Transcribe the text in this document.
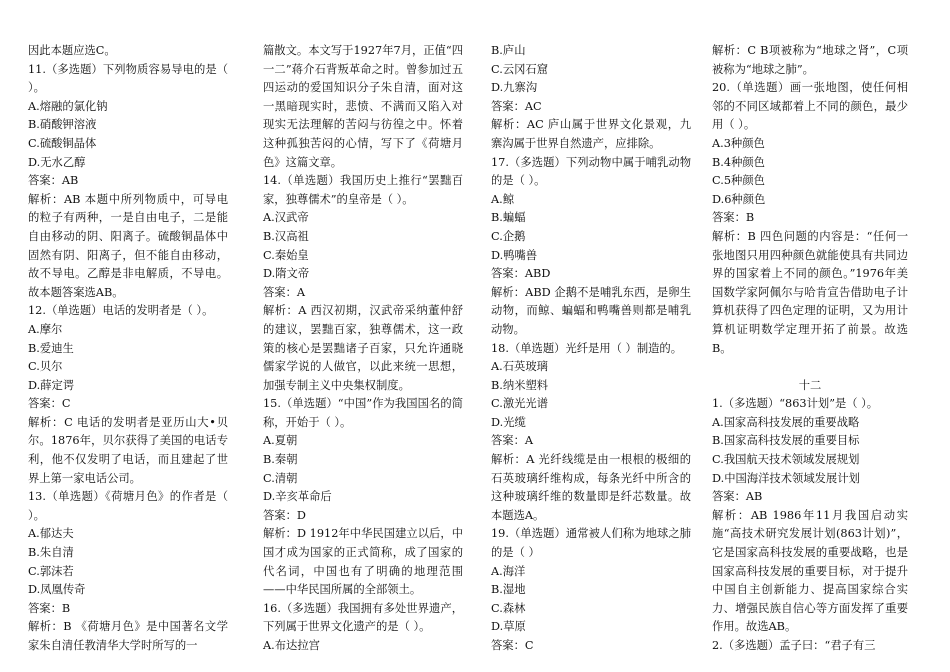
因此本题应选C。

11.（多选题）下列物质容易导电的是（ ）。

A.熔融的氯化钠

B.硝酸钾溶液

C.硫酸铜晶体

D.无水乙醇

答案：AB

解析：AB 本题中所列物质中，可导电的粒子有两种，一是自由电子，二是能自由移动的阴、阳离子。硫酸铜晶体中固然有阴、阳离子，但不能自由移动，故不导电。乙醇是非电解质，不导电。故本题答案选AB。

12.（单选题）电话的发明者是（ ）。

A.摩尔

B.爱迪生

C.贝尔

D.薛定谔

答案：C

解析：C 电话的发明者是亚历山大•贝尔。1876年，贝尔获得了美国的电话专利，他不仅发明了电话，而且建起了世界上第一家电话公司。

13.（单选题）《荷塘月色》的作者是（ ）。

A.郁达夫

B.朱自清

C.郭沫若

D.凤凰传奇

答案：B

解析：B 《荷塘月色》是中国著名文学家朱自清任教清华大学时所写的一

篇散文。本文写于1927年7月，正值“四一二”蒋介石背叛革命之时。曾参加过五四运动的爱国知识分子朱自清，面对这一黑暗现实时，悲愤、不满而又陷入对现实无法理解的苦闷与彷徨之中。怀着这种孤独苦闷的心情，写下了《荷塘月色》这篇文章。

14.（单选题）我国历史上推行“罢黜百家，独尊儒术”的皇帝是（ ）。

A.汉武帝

B.汉高祖

C.秦始皇

D.隋文帝

答案：A

解析：A 西汉初期，汉武帝采纳董仲舒的建议，罢黜百家，独尊儒术，这一政策的核心是罢黜诸子百家，只允许通晓儒家学说的人做官，以此来统一思想，加强专制主义中央集权制度。

15.（单选题）“中国”作为我国国名的简称，开始于（ ）。

A.夏朝

B.秦朝

C.清朝

D.辛亥革命后

答案：D

解析：D 1912年中华民国建立以后，中国才成为国家的正式简称，成了国家的代名词，中国也有了明确的地理范围——中华民国所属的全部领土。

16.（多选题）我国拥有多处世界遗产，下列属于世界文化遗产的是（ ）。

A.布达拉宫

B.庐山

C.云冈石窟

D.九寨沟

答案：AC

解析：AC 庐山属于世界文化景观，九寨沟属于世界自然遗产，应排除。

17.（多选题）下列动物中属于哺乳动物的是（ ）。

A.鲸

B.蝙蝠

C.企鹅

D.鸭嘴兽

答案：ABD

解析：ABD 企鹅不是哺乳东西，是卵生动物，而鲸、蝙蝠和鸭嘴兽则都是哺乳动物。

18.（单选题）光纤是用（ ）制造的。

A.石英玻璃

B.纳米塑料

C.激光光谱

D.光缆

答案：A

解析：A 光纤线缆是由一根根的极细的石英玻璃纤维构成，每条光纤中所含的这种玻璃纤维的数量即是纤芯数量。故本题选A。

19.（单选题）通常被人们称为地球之肺的是（ ）

A.海洋

B.湿地

C.森林

D.草原

答案：C

解析：C B项被称为“地球之肾”，C项被称为“地球之肺”。

20.（单选题）画一张地图，使任何相邻的不同区域都着上不同的颜色，最少用（ ）。

A.3种颜色

B.4种颜色

C.5种颜色

D.6种颜色

答案：B

解析：B 四色问题的内容是：“任何一张地图只用四种颜色就能使具有共同边界的国家着上不同的颜色。”1976年美国数学家阿佩尔与哈肯宣告借助电子计算机获得了四色定理的证明，又为用计算机证明数学定理开拓了前景。故选B。

十二

1.（多选题）“863计划”是（ ）。

A.国家高科技发展的重要战略

B.国家高科技发展的重要目标

C.我国航天技术领域发展规划

D.中国海洋技术领域发展计划

答案：AB

解析：AB 1986年11月我国启动实施“高技术研究发展计划(863计划)”，它是国家高科技发展的重要战略，也是国家高科技发展的重要目标，对于提升中国自主创新能力、提高国家综合实力、增强民族自信心等方面发挥了重要作用。故选AB。

2.（多选题）孟子曰：“君子有三
